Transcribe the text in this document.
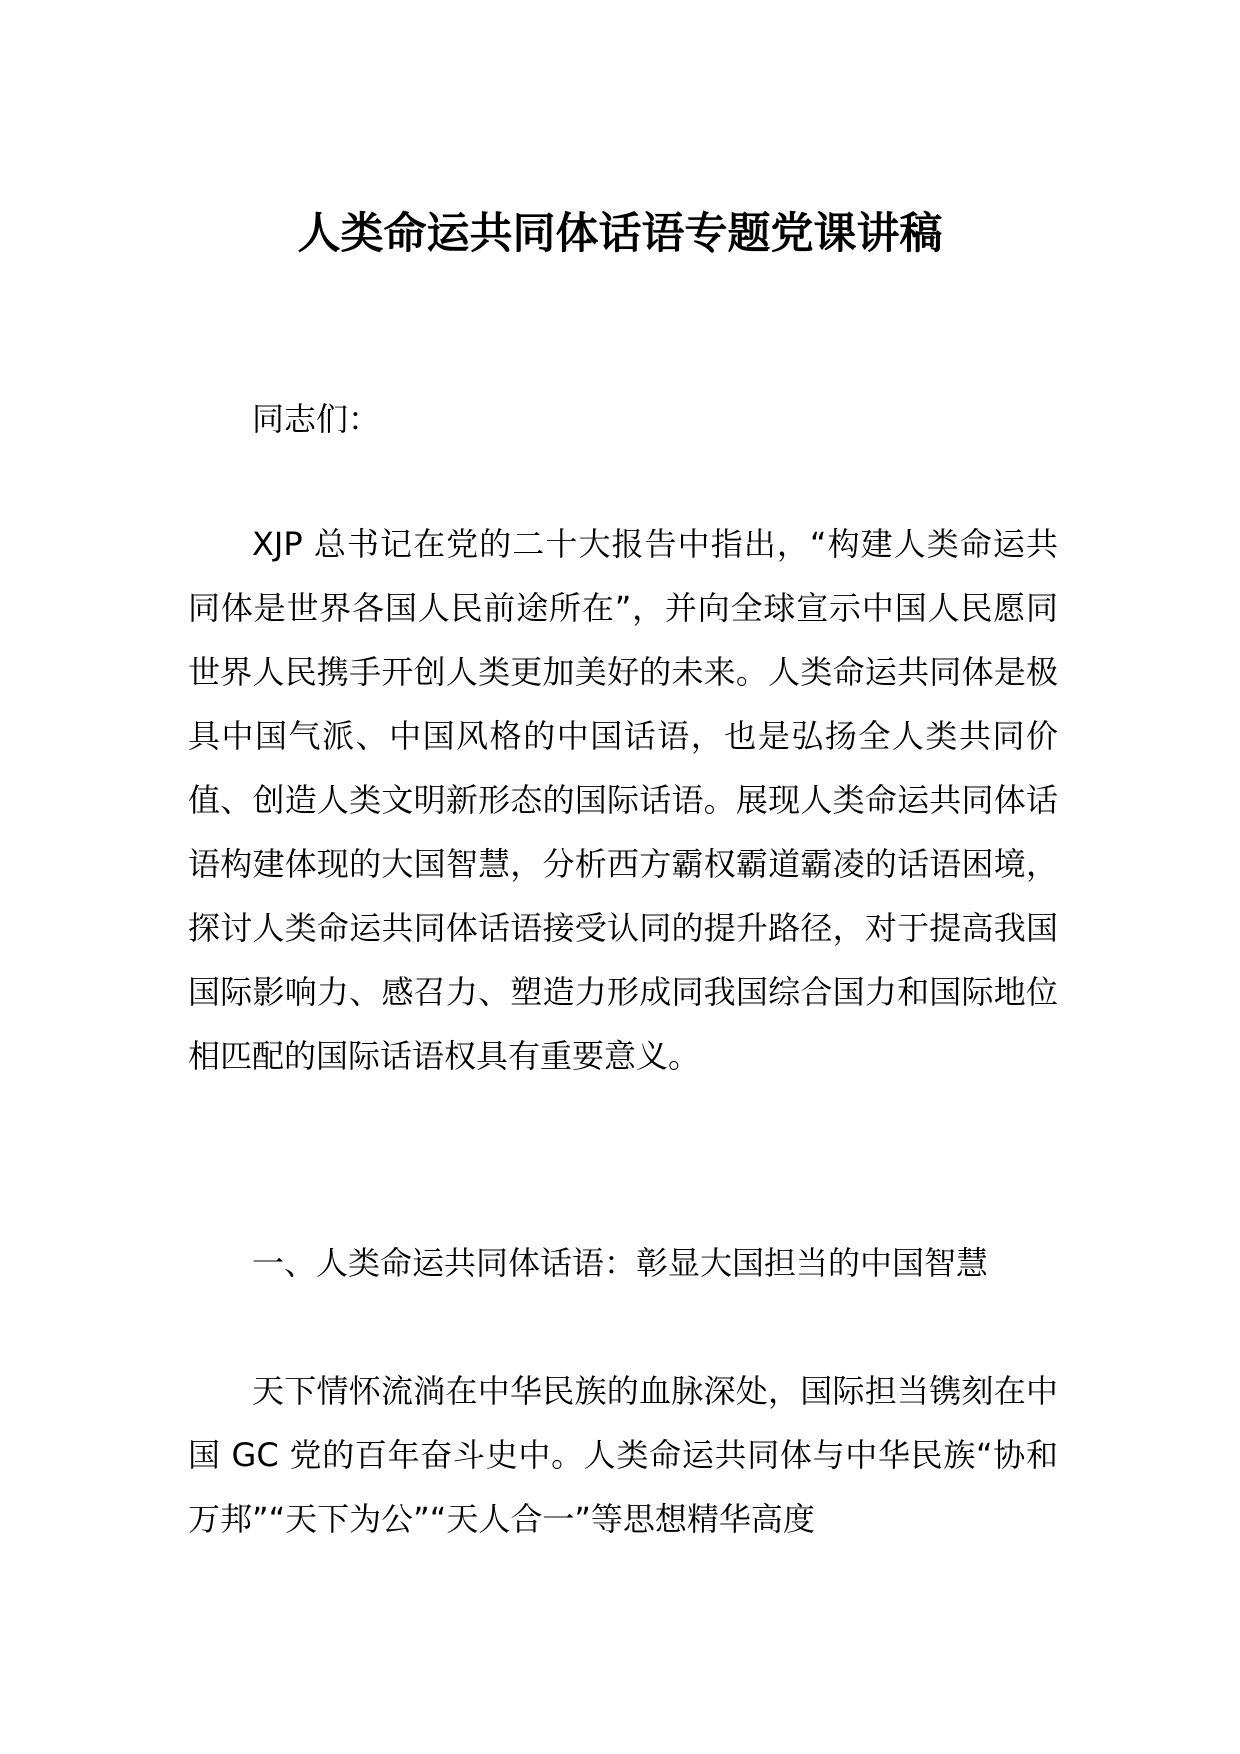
人类命运共同体话语专题党课讲稿
同志们：
XJP 总书记在党的二十大报告中指出，“构建人类命运共同体是世界各国人民前途所在”，并向全球宣示中国人民愿同世界人民携手开创人类更加美好的未来。人类命运共同体是极具中国气派、中国风格的中国话语，也是弘扬全人类共同价值、创造人类文明新形态的国际话语。展现人类命运共同体话语构建体现的大国智慧，分析西方霸权霸道霸凌的话语困境，探讨人类命运共同体话语接受认同的提升路径，对于提高我国国际影响力、感召力、塑造力形成同我国综合国力和国际地位相匹配的国际话语权具有重要意义。
一、人类命运共同体话语：彰显大国担当的中国智慧
天下情怀流淌在中华民族的血脉深处，国际担当镌刻在中国 GC 党的百年奋斗史中。人类命运共同体与中华民族“协和万邦”“天下为公”“天人合一”等思想精华高度
